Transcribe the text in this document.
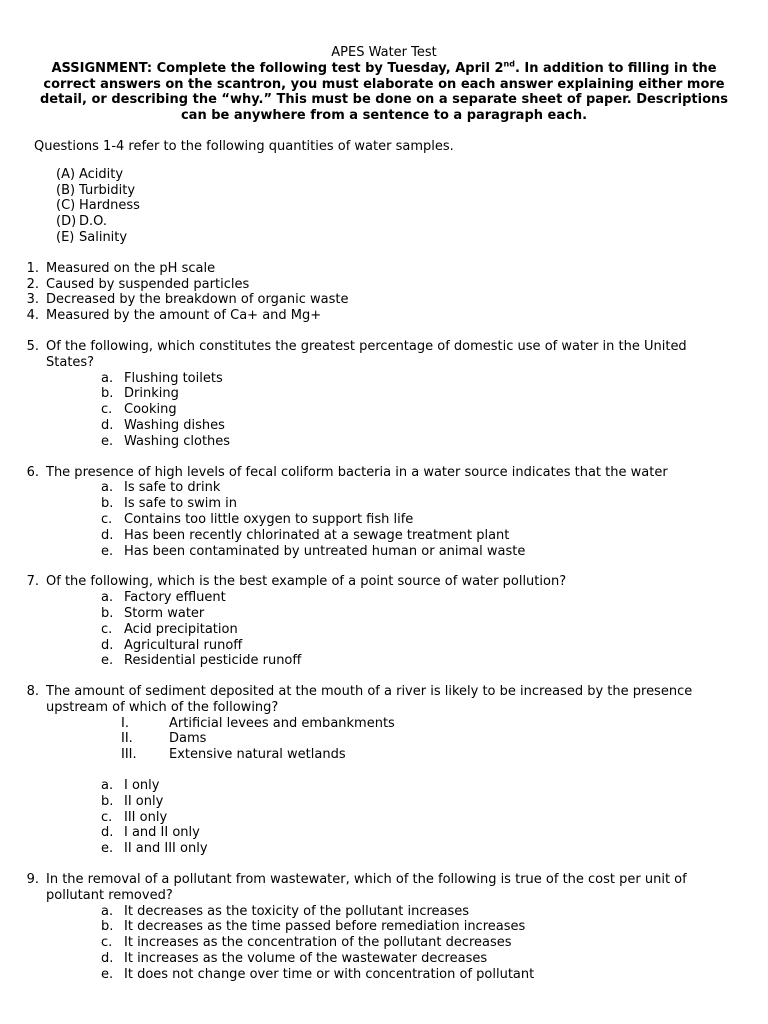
APES Water Test
ASSIGNMENT: Complete the following test by Tuesday, April 2nd. In addition to filling in the correct answers on the scantron, you must elaborate on each answer explaining either more detail, or describing the “why.” This must be done on a separate sheet of paper. Descriptions can be anywhere from a sentence to a paragraph each.
Questions 1-4 refer to the following quantities of water samples.
(A) Acidity
(B) Turbidity
(C) Hardness
(D) D.O.
(E) Salinity
1. Measured on the pH scale
2. Caused by suspended particles
3. Decreased by the breakdown of organic waste
4. Measured by the amount of Ca+ and Mg+
5. Of the following, which constitutes the greatest percentage of domestic use of water in the United States?
a. Flushing toilets
b. Drinking
c. Cooking
d. Washing dishes
e. Washing clothes
6. The presence of high levels of fecal coliform bacteria in a water source indicates that the water
a. Is safe to drink
b. Is safe to swim in
c. Contains too little oxygen to support fish life
d. Has been recently chlorinated at a sewage treatment plant
e. Has been contaminated by untreated human or animal waste
7. Of the following, which is the best example of a point source of water pollution?
a. Factory effluent
b. Storm water
c. Acid precipitation
d. Agricultural runoff
e. Residential pesticide runoff
8. The amount of sediment deposited at the mouth of a river is likely to be increased by the presence upstream of which of the following?
I.	Artificial levees and embankments
II.	Dams
III.	Extensive natural wetlands
a. I only
b. II only
c. III only
d. I and II only
e. II and III only
9. In the removal of a pollutant from wastewater, which of the following is true of the cost per unit of pollutant removed?
a. It decreases as the toxicity of the pollutant increases
b. It decreases as the time passed before remediation increases
c. It increases as the concentration of the pollutant decreases
d. It increases as the volume of the wastewater decreases
e. It does not change over time or with concentration of pollutant
